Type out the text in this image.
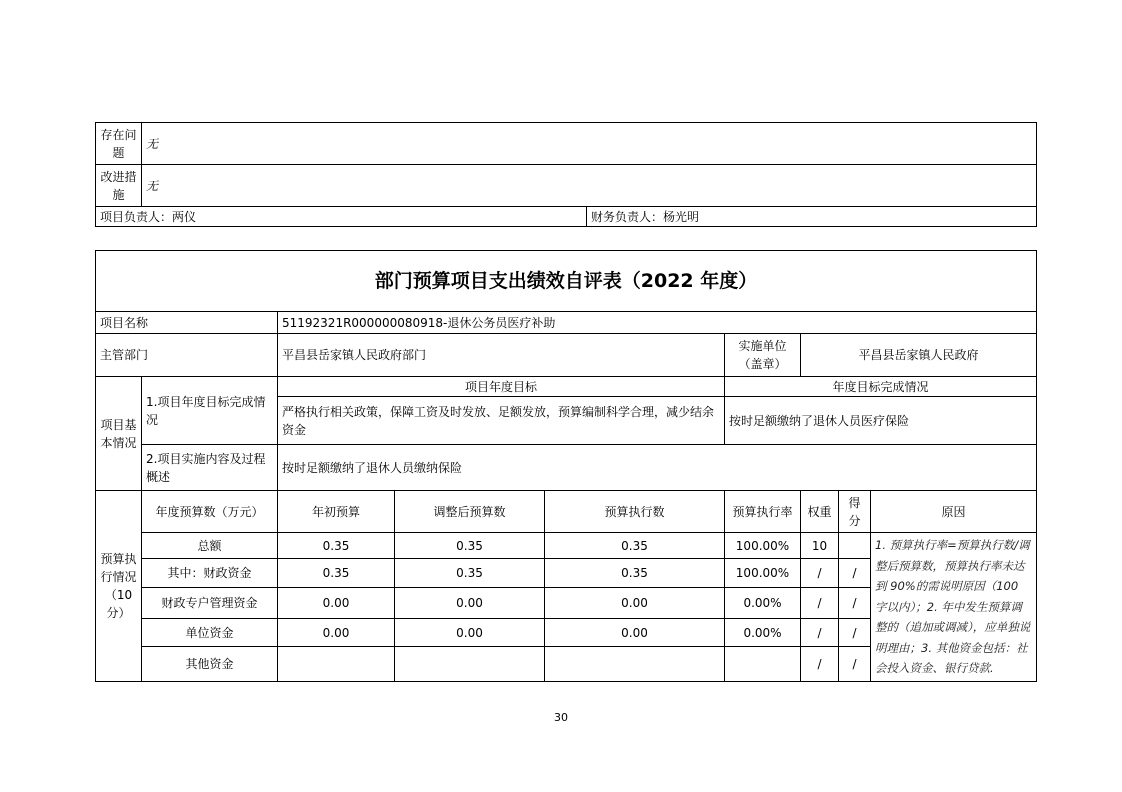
存在问题	无	
改进措施	无	
项目负责人：两仪		财务负责人：杨光明
部门预算项目支出绩效自评表（2022 年度）								
项目名称		51192321R000000080918-退休公务员医疗补助						
主管部门		平昌县岳家镇人民政府部门			实施单位（盖章）	平昌县岳家镇人民政府		
项目基本情况	1.项目年度目标完成情况	项目年度目标			年度目标完成情况			
		严格执行相关政策，保障工资及时发放、足额发放，预算编制科学合理，减少结余资金			按时足额缴纳了退休人员医疗保险			
	2.项目实施内容及过程概述	按时足额缴纳了退休人员缴纳保险						
预算执行情况（10分）	年度预算数（万元）	年初预算	调整后预算数	预算执行数	预算执行率	权重	得分	原因
	总额	0.35	0.35	0.35	100.00%	10		1. 预算执行率=预算执行数/调整后预算数，预算执行率未达到 90%的需说明原因（100 字以内）；2. 年中发生预算调整的（追加或调减），应单独说明理由；3. 其他资金包括：社会投入资金、银行贷款.
	其中：财政资金	0.35	0.35	0.35	100.00%	/	/	
	财政专户管理资金	0.00	0.00	0.00	0.00%	/	/	
	单位资金	0.00	0.00	0.00	0.00%	/	/	
	其他资金					/	/	
30
